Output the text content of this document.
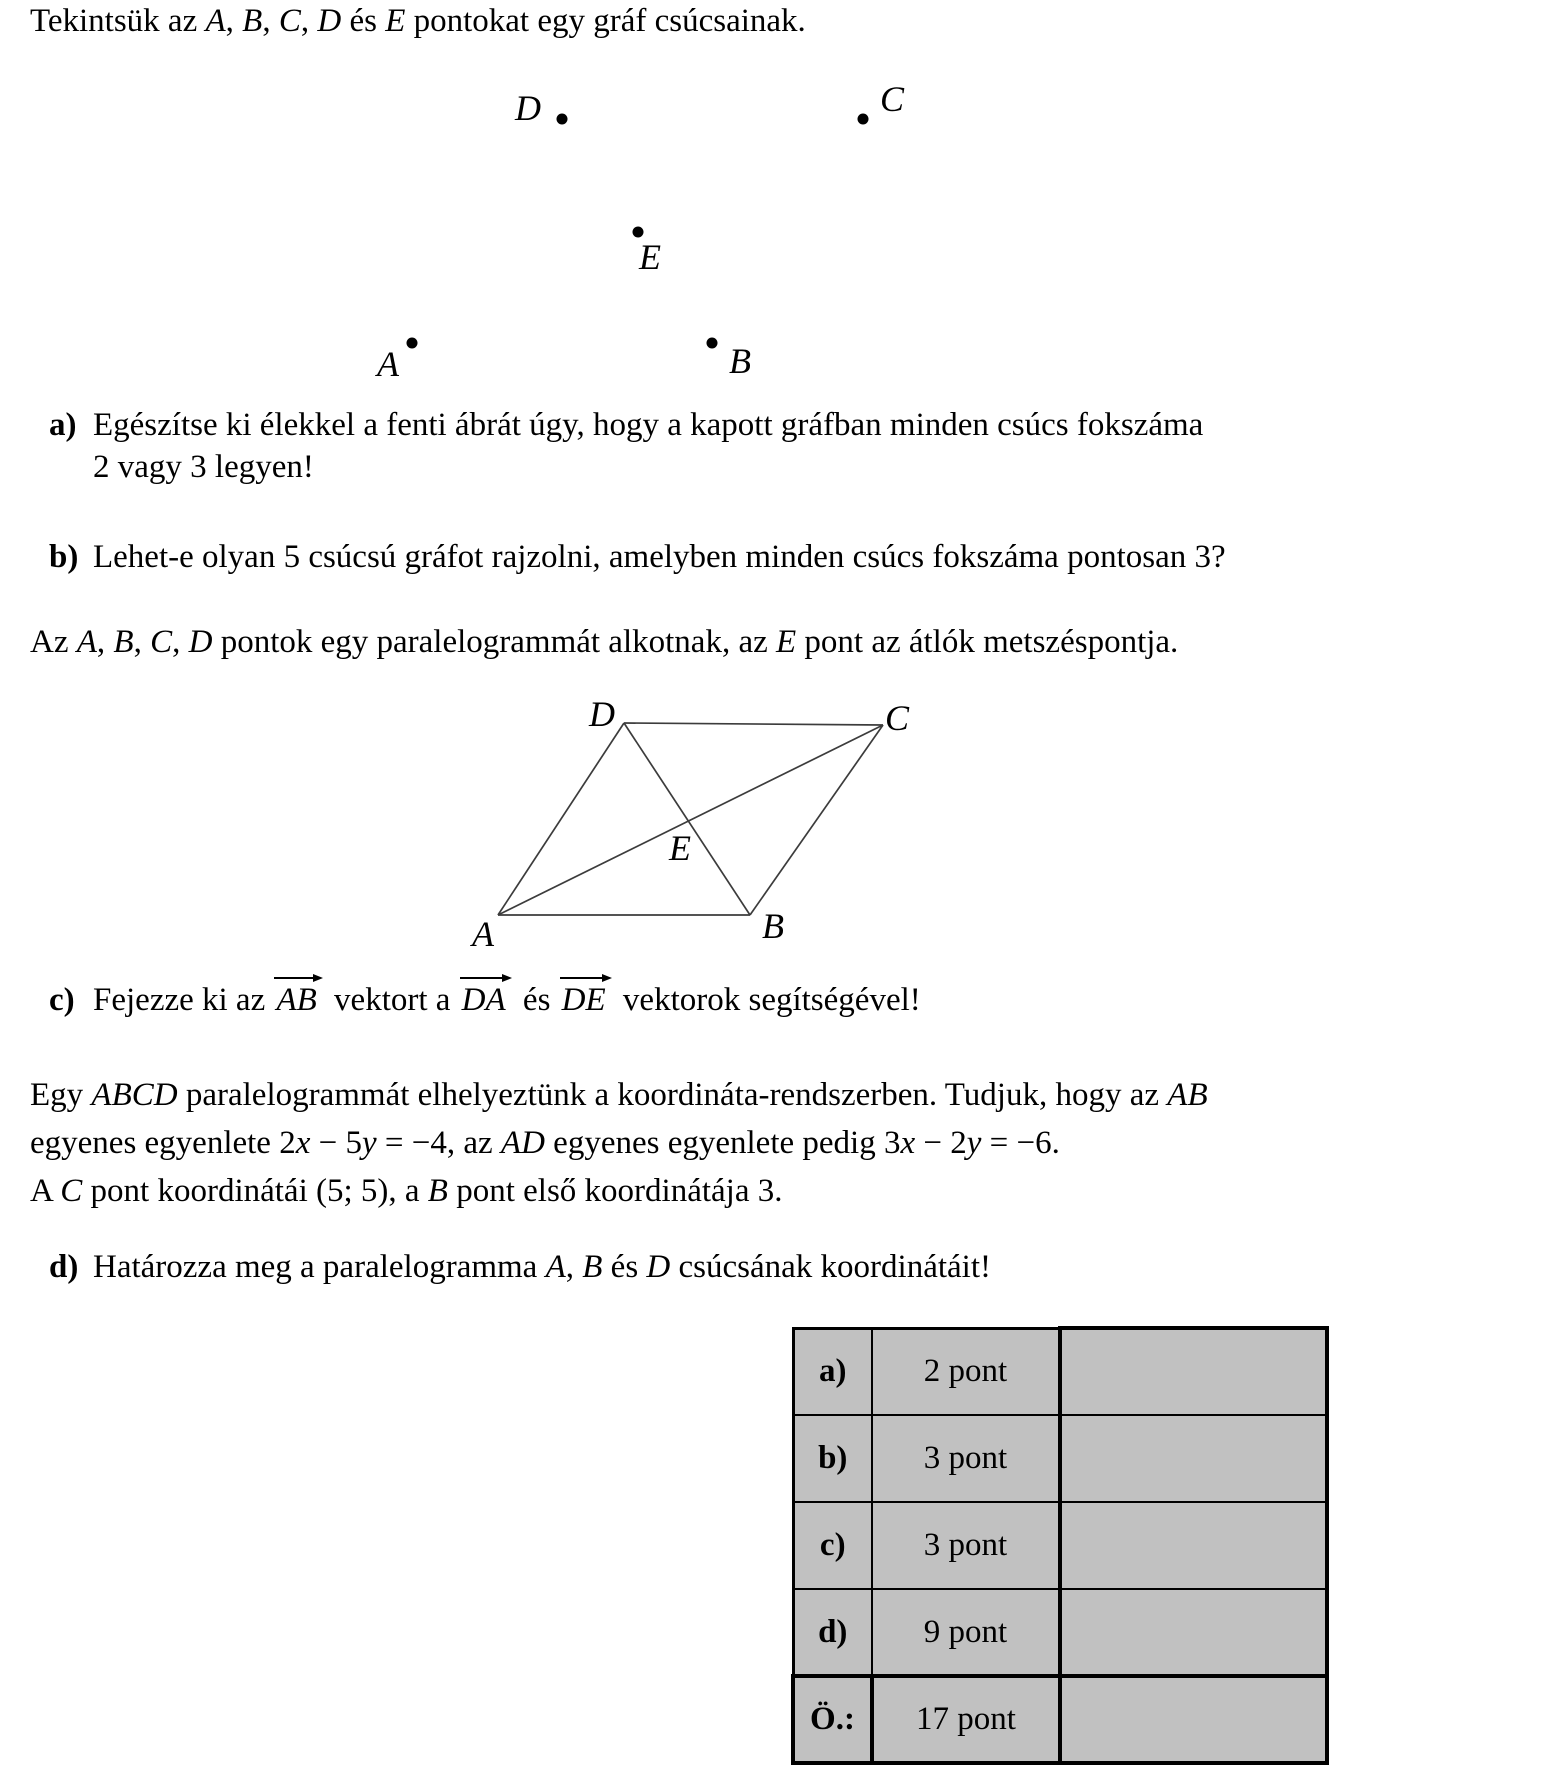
Tekintsük az A, B, C, D és E pontokat egy gráf csúcsainak.
D	C
E
A	B
a) Egészítse ki élekkel a fenti ábrát úgy, hogy a kapott gráfban minden csúcs fokszáma
2 vagy 3 legyen!
b) Lehet-e olyan 5 csúcsú gráfot rajzolni, amelyben minden csúcs fokszáma pontosan 3?
Az A, B, C, D pontok egy paralelogrammát alkotnak, az E pont az átlók metszéspontja.
D	C
A	B
E
c) Fejezze ki az AB vektort a DA és DE vektorok segítségével!
Egy ABCD paralelogrammát elhelyeztünk a koordináta-rendszerben. Tudjuk, hogy az AB
egyenes egyenlete 2x − 5y = −4, az AD egyenes egyenlete pedig 3x − 2y = −6.
A C pont koordinátái (5; 5), a B pont első koordinátája 3.
d) Határozza meg a paralelogramma A, B és D csúcsának koordinátáit!
a)	2 pont	
b)	3 pont	
c)	3 pont	
d)	9 pont	
Ö.:	17 pont	
